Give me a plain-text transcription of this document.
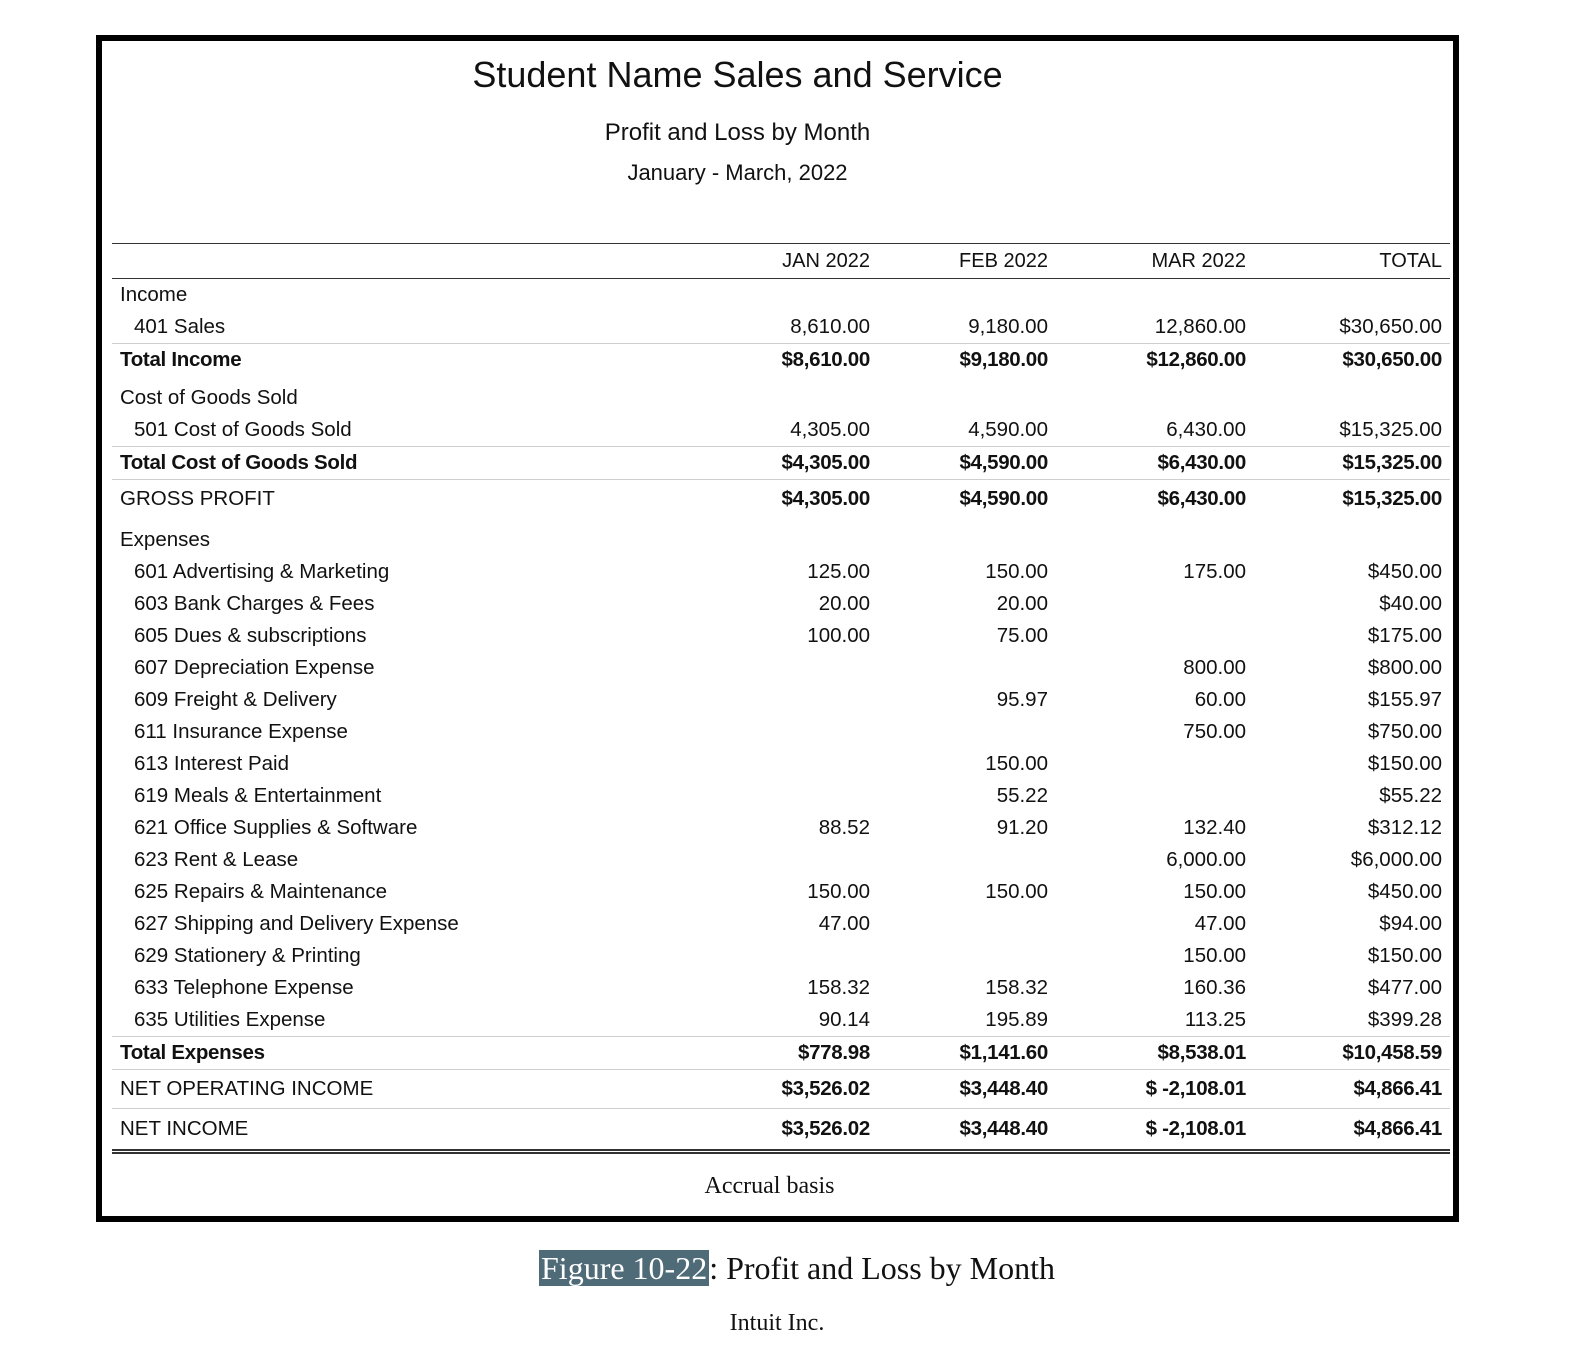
Student Name Sales and Service
Profit and Loss by Month
January - March, 2022
	JAN 2022	FEB 2022	MAR 2022	TOTAL
Income				
401 Sales	8,610.00	9,180.00	12,860.00	$30,650.00
Total Income	$8,610.00	$9,180.00	$12,860.00	$30,650.00
Cost of Goods Sold				
501 Cost of Goods Sold	4,305.00	4,590.00	6,430.00	$15,325.00
Total Cost of Goods Sold	$4,305.00	$4,590.00	$6,430.00	$15,325.00
GROSS PROFIT	$4,305.00	$4,590.00	$6,430.00	$15,325.00
Expenses				
601 Advertising & Marketing	125.00	150.00	175.00	$450.00
603 Bank Charges & Fees	20.00	20.00		$40.00
605 Dues & subscriptions	100.00	75.00		$175.00
607 Depreciation Expense			800.00	$800.00
609 Freight & Delivery		95.97	60.00	$155.97
611 Insurance Expense			750.00	$750.00
613 Interest Paid		150.00		$150.00
619 Meals & Entertainment		55.22		$55.22
621 Office Supplies & Software	88.52	91.20	132.40	$312.12
623 Rent & Lease			6,000.00	$6,000.00
625 Repairs & Maintenance	150.00	150.00	150.00	$450.00
627 Shipping and Delivery Expense	47.00		47.00	$94.00
629 Stationery & Printing			150.00	$150.00
633 Telephone Expense	158.32	158.32	160.36	$477.00
635 Utilities Expense	90.14	195.89	113.25	$399.28
Total Expenses	$778.98	$1,141.60	$8,538.01	$10,458.59
NET OPERATING INCOME	$3,526.02	$3,448.40	$ -2,108.01	$4,866.41
NET INCOME	$3,526.02	$3,448.40	$ -2,108.01	$4,866.41
Accrual basis
Figure 10-22: Profit and Loss by Month
Intuit Inc.
